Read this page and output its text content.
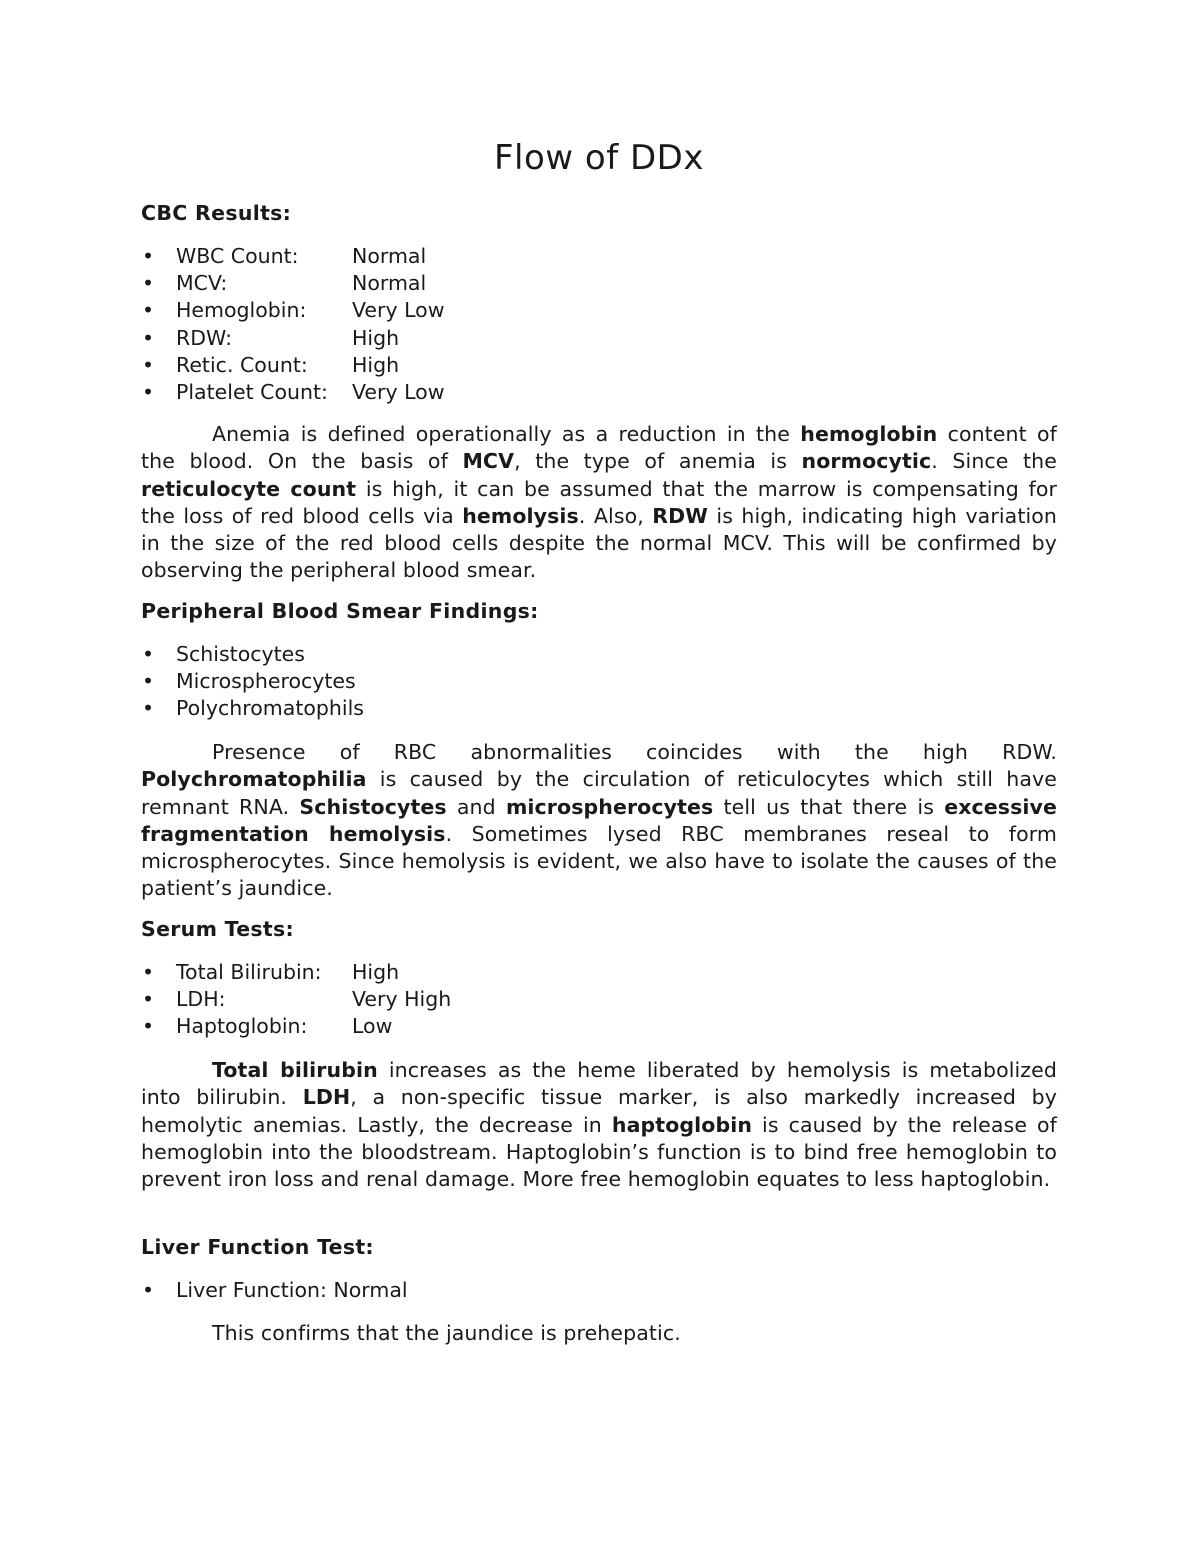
Flow of DDx

CBC Results:

• WBC Count:	Normal
• MCV:	Normal
• Hemoglobin: Very Low
• RDW:	High
• Retic. Count: High
• Platelet Count: Very Low

Anemia is defined operationally as a reduction in the hemoglobin content of the blood. On the basis of MCV, the type of anemia is normocytic. Since the reticulocyte count is high, it can be assumed that the marrow is compensating for the loss of red blood cells via hemolysis. Also, RDW is high, indicating high variation in the size of the red blood cells despite the normal MCV. This will be confirmed by observing the peripheral blood smear.

Peripheral Blood Smear Findings:

• Schistocytes
• Microspherocytes
• Polychromatophils

Presence of RBC abnormalities coincides with the high RDW. Polychromatophilia is caused by the circulation of reticulocytes which still have remnant RNA. Schistocytes and microspherocytes tell us that there is excessive fragmentation hemolysis. Sometimes lysed RBC membranes reseal to form microspherocytes. Since hemolysis is evident, we also have to isolate the causes of the patient’s jaundice.

Serum Tests:

• Total Bilirubin: High
• LDH:	Very High
• Haptoglobin: Low

Total bilirubin increases as the heme liberated by hemolysis is metabolized into bilirubin. LDH, a non-specific tissue marker, is also markedly increased by hemolytic anemias. Lastly, the decrease in haptoglobin is caused by the release of hemoglobin into the bloodstream. Haptoglobin’s function is to bind free hemoglobin to prevent iron loss and renal damage. More free hemoglobin equates to less haptoglobin.

Liver Function Test:

• Liver Function: Normal

This confirms that the jaundice is prehepatic.
